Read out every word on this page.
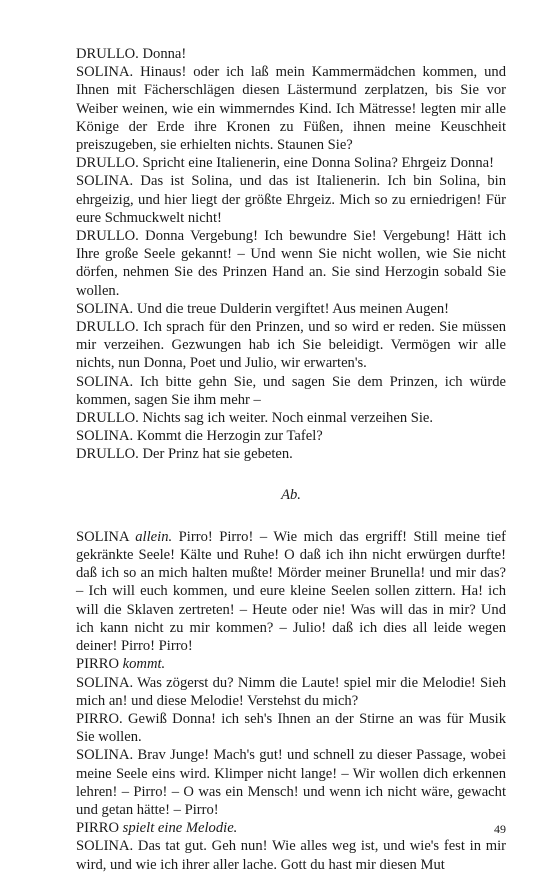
DRULLO. Donna!

SOLINA. Hinaus! oder ich laß mein Kammermädchen kommen, und Ihnen mit Fächerschlägen diesen Lästermund zerplatzen, bis Sie vor Weiber weinen, wie ein wimmerndes Kind. Ich Mätresse! legten mir alle Könige der Erde ihre Kronen zu Füßen, ihnen meine Keuschheit preiszugeben, sie erhielten nichts. Staunen Sie?

DRULLO. Spricht eine Italienerin, eine Donna Solina? Ehrgeiz Donna!

SOLINA. Das ist Solina, und das ist Italienerin. Ich bin Solina, bin ehrgeizig, und hier liegt der größte Ehrgeiz. Mich so zu erniedrigen! Für eure Schmuckwelt nicht!

DRULLO. Donna Vergebung! Ich bewundre Sie! Vergebung! Hätt ich Ihre große Seele gekannt! – Und wenn Sie nicht wollen, wie Sie nicht dörfen, nehmen Sie des Prinzen Hand an. Sie sind Herzogin sobald Sie wollen.

SOLINA. Und die treue Dulderin vergiftet! Aus meinen Augen!

DRULLO. Ich sprach für den Prinzen, und so wird er reden. Sie müssen mir verzeihen. Gezwungen hab ich Sie beleidigt. Vermögen wir alle nichts, nun Donna, Poet und Julio, wir erwarten's.

SOLINA. Ich bitte gehn Sie, und sagen Sie dem Prinzen, ich würde kommen, sagen Sie ihm mehr –

DRULLO. Nichts sag ich weiter. Noch einmal verzeihen Sie.

SOLINA. Kommt die Herzogin zur Tafel?

DRULLO. Der Prinz hat sie gebeten.

Ab.

SOLINA allein. Pirro! Pirro! – Wie mich das ergriff! Still meine tief gekränkte Seele! Kälte und Ruhe! O daß ich ihn nicht erwürgen durfte! daß ich so an mich halten mußte! Mörder meiner Brunella! und mir das? – Ich will euch kommen, und eure kleine Seelen sollen zittern. Ha! ich will die Sklaven zertreten! – Heute oder nie! Was will das in mir? Und ich kann nicht zu mir kommen? – Julio! daß ich dies all leide wegen deiner! Pirro! Pirro!

PIRRO kommt.

SOLINA. Was zögerst du? Nimm die Laute! spiel mir die Melodie! Sieh mich an! und diese Melodie! Verstehst du mich?

PIRRO. Gewiß Donna! ich seh's Ihnen an der Stirne an was für Musik Sie wollen.

SOLINA. Brav Junge! Mach's gut! und schnell zu dieser Passage, wobei meine Seele eins wird. Klimper nicht lange! – Wir wollen dich erkennen lehren! – Pirro! – O was ein Mensch! und wenn ich nicht wäre, gewacht und getan hätte! – Pirro!

PIRRO spielt eine Melodie.

SOLINA. Das tat gut. Geh nun! Wie alles weg ist, und wie's fest in mir wird, und wie ich ihrer aller lache. Gott du hast mir diesen Mut

49
